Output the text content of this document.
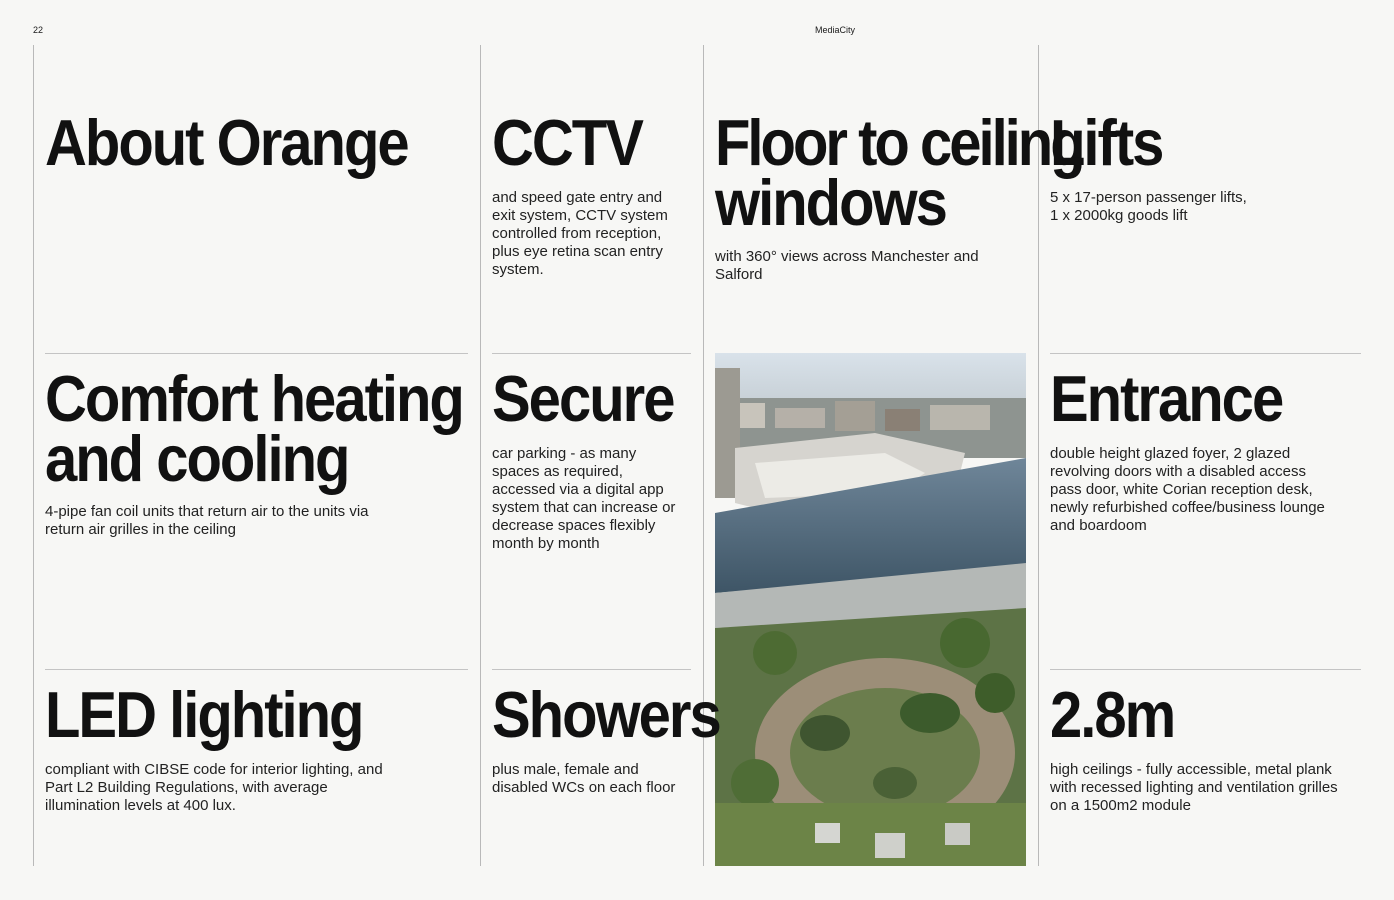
22	MediaCity
About Orange CCTV

and speed gate entry and exit system, CCTV system controlled from reception, plus eye retina scan entry system.

Floor to ceiling
windows

with 360° views across Manchester and Salford

Lifts

5 x 17-person passenger lifts,
1 x 2000kg goods lift

Comfort heating
and cooling

4-pipe fan coil units that return air to the units via return air grilles in the ceiling

Secure

car parking - as many spaces as required, accessed via a digital app system that can increase or decrease spaces flexibly month by month

Entrance

double height glazed foyer, 2 glazed revolving doors with a disabled access pass door, white Corian reception desk, newly refurbished coffee/business lounge and boardoom

LED lighting

compliant with CIBSE code for interior lighting, and Part L2 Building Regulations, with average illumination levels at 400 lux.

Showers

plus male, female and disabled WCs on each floor

2.8m

high ceilings - fully accessible, metal plank with recessed lighting and ventilation grilles on a 1500m2 module
